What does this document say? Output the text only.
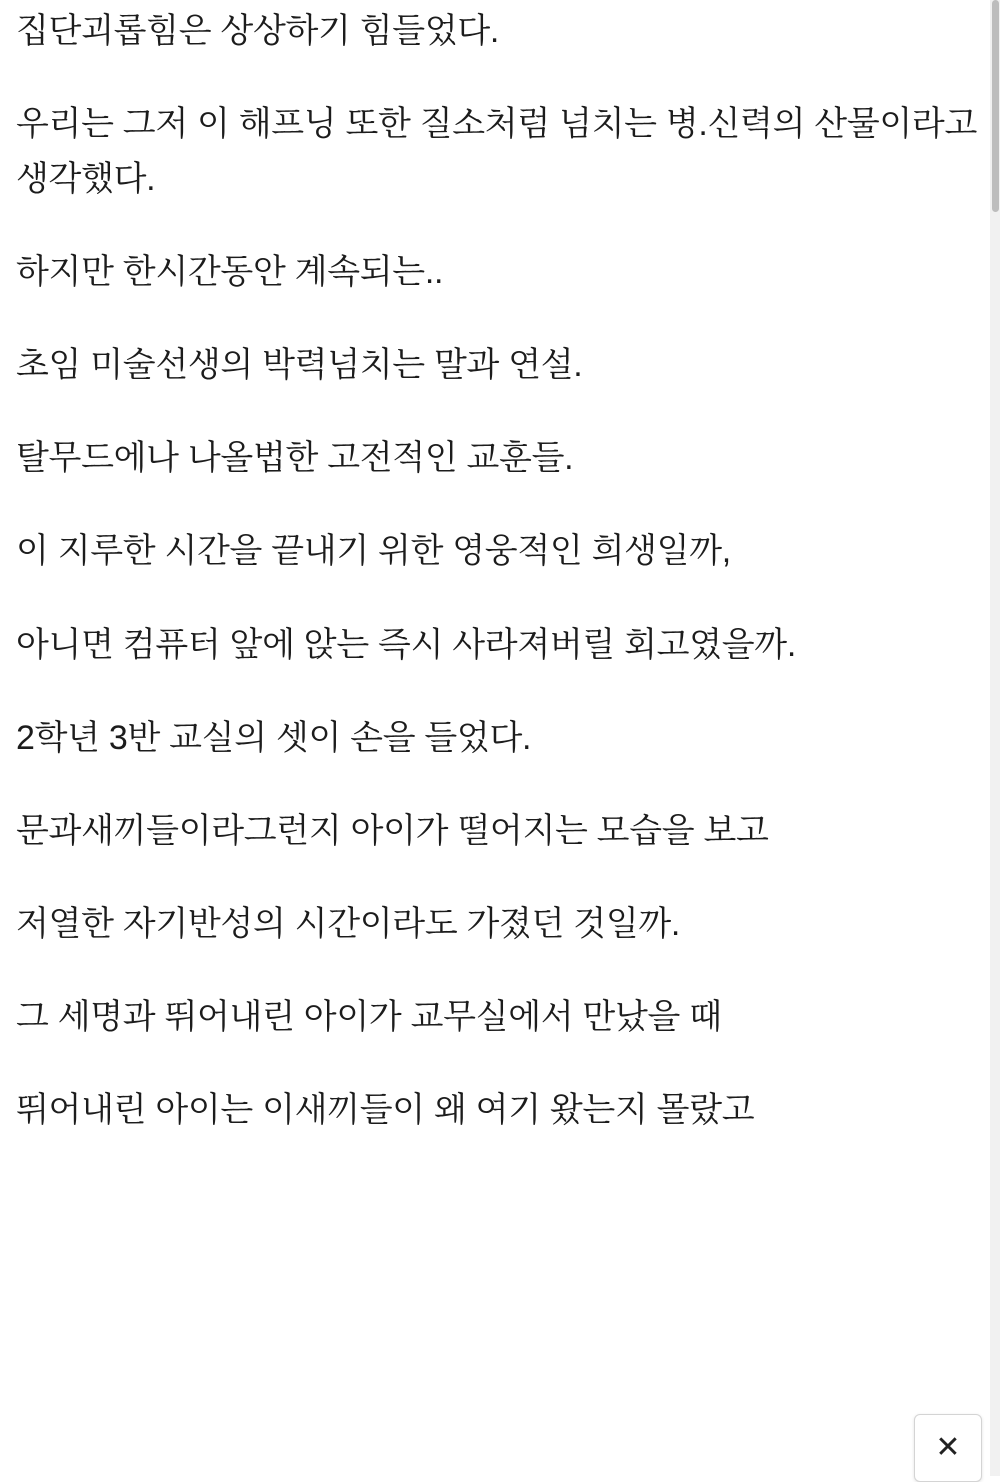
집단괴롭힘은 상상하기 힘들었다.

우리는 그저 이 해프닝 또한 질소처럼 넘치는 병.신력의 산물이라고 생각했다.

하지만 한시간동안 계속되는..

초임 미술선생의 박력넘치는 말과 연설.

탈무드에나 나올법한 고전적인 교훈들.

이 지루한 시간을 끝내기 위한 영웅적인 희생일까,

아니면 컴퓨터 앞에 앉는 즉시 사라져버릴 회고였을까.

2학년 3반 교실의 셋이 손을 들었다.

문과새끼들이라그런지 아이가 떨어지는 모습을 보고

저열한 자기반성의 시간이라도 가졌던 것일까.

그 세명과 뛰어내린 아이가 교무실에서 만났을 때

뛰어내린 아이는 이새끼들이 왜 여기 왔는지 몰랐고

✕
